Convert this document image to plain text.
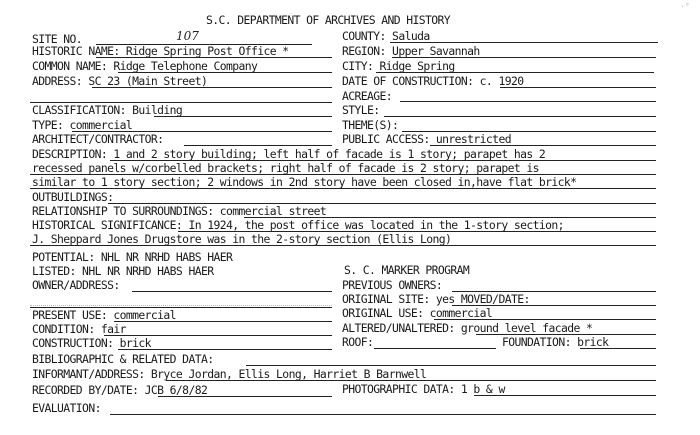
·°
S.C. DEPARTMENT OF ARCHIVES AND HISTORY
SITE NO.	107	COUNTY: Saluda
HISTORIC NAME: Ridge Spring Post Office *	REGION: Upper Savannah
COMMON NAME: Ridge Telephone Company	CITY: Ridge Spring
ADDRESS: SC 23 (Main Street)	DATE OF CONSTRUCTION: c. 1920
ACREAGE:
CLASSIFICATION: Building	STYLE:
TYPE: commercial	THEME(S):
ARCHITECT/CONTRACTOR:	PUBLIC ACCESS: unrestricted
DESCRIPTION: 1 and 2 story building; left half of facade is 1 story; parapet has 2
recessed panels w/corbelled brackets; right half of facade is 2 story; parapet is
similar to 1 story section; 2 windows in 2nd story have been closed in,have flat brick*
OUTBUILDINGS:
RELATIONSHIP TO SURROUNDINGS: commercial street
HISTORICAL SIGNIFICANCE: In 1924, the post office was located in the 1-story section;
J. Sheppard Jones Drugstore was in the 2-story section (Ellis Long)
POTENTIAL: NHL NR NRHD HABS HAER
LISTED: NHL NR NRHD HABS HAER	S. C. MARKER PROGRAM
OWNER/ADDRESS:	PREVIOUS OWNERS:
ORIGINAL SITE: yes MOVED/DATE:
PRESENT USE: commercial	ORIGINAL USE: commercial
CONDITION: fair	ALTERED/UNALTERED: ground level facade *
CONSTRUCTION: brick	ROOF:	FOUNDATION: brick
BIBLIOGRAPHIC & RELATED DATA:
INFORMANT/ADDRESS: Bryce Jordan, Ellis Long, Harriet B Barnwell
RECORDED BY/DATE: JCB 6/8/82	PHOTOGRAPHIC DATA: 1 b & w
EVALUATION:
